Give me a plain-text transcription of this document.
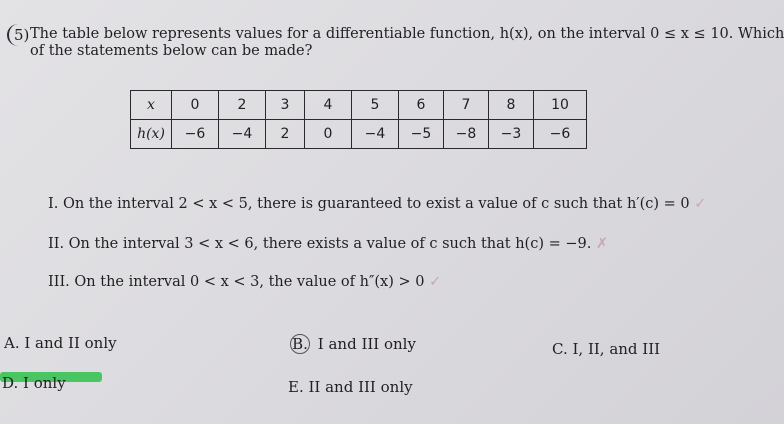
5) The table below represents values for a differentiable function, h(x), on the interval 0 ≤ x ≤ 10. Which
of the statements below can be made?
x	0	2	3	4	5	6	7	8	10
h(x)	−6	−4	2	0	−4	−5	−8	−3	−6
I. On the interval 2 < x < 5, there is guaranteed to exist a value of c such that h′(c) = 0 ✓
II. On the interval 3 < x < 6, there exists a value of c such that h(c) = −9. ✗
III. On the interval 0 < x < 3, the value of h″(x) > 0 ✓
A. I and II only	B. I and III only	C. I, II, and III
D. I only	E. II and III only
